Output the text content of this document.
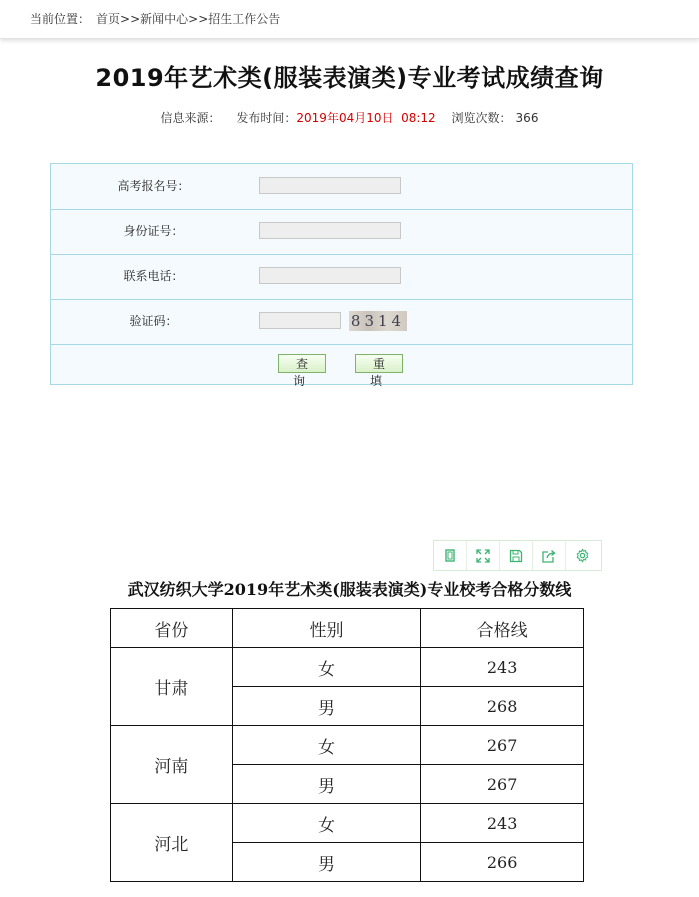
当前位置： 首页>>新闻中心>>招生工作公告
2019年艺术类(服装表演类)专业考试成绩查询
信息来源： 发布时间：2019年04月10日  08:12 浏览次数： 366
高考报名号：
身份证号：
联系电话：
验证码：	8314
查询
重填
武汉纺织大学2019年艺术类(服装表演类)专业校考合格分数线
省份	性别	合格线
甘肃	女	243
	男	268
河南	女	267
	男	267
河北	女	243
	男	266
